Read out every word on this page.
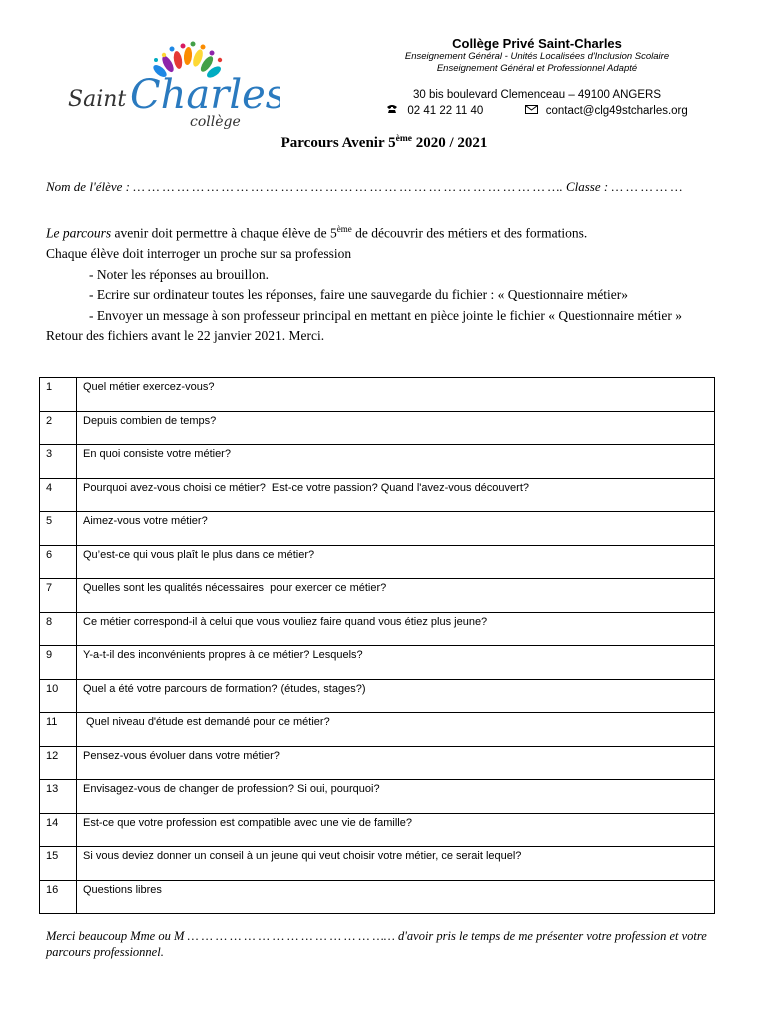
Saint Charles
collège
Collège Privé Saint-Charles
Enseignement Général - Unités Localisées d'Inclusion Scolaire
Enseignement Général et Professionnel Adapté
30 bis boulevard Clemenceau – 49100 ANGERS
02 41 22 11 40	contact@clg49stcharles.org
Parcours Avenir 5ème 2020 / 2021
Nom de l'élève : … … … … … … … … … … … … … … … … … … … … … … … … … … … … …. Classe : … … … … …

Le parcours avenir doit permettre à chaque élève de 5ème de découvrir des métiers et des formations.

Chaque élève doit interroger un proche sur sa profession

- Noter les réponses au brouillon.

- Ecrire sur ordinateur toutes les réponses, faire une sauvegarde du fichier : « Questionnaire métier»

- Envoyer un message à son professeur principal en mettant en pièce jointe le fichier « Questionnaire métier »

Retour des fichiers avant le 22 janvier 2021. Merci.

1	Quel métier exercez-vous?
2	Depuis combien de temps?
3	En quoi consiste votre métier?
4	Pourquoi avez-vous choisi ce métier?  Est-ce votre passion? Quand l'avez-vous découvert?
5	Aimez-vous votre métier?
6	Qu’est-ce qui vous plaît le plus dans ce métier?
7	Quelles sont les qualités nécessaires  pour exercer ce métier?
8	Ce métier correspond-il à celui que vous vouliez faire quand vous étiez plus jeune?
9	Y-a-t-il des inconvénients propres à ce métier? Lesquels?
10	Quel a été votre parcours de formation? (études, stages?)
11	Quel niveau d'étude est demandé pour ce métier?
12	Pensez-vous évoluer dans votre métier?
13	Envisagez-vous de changer de profession? Si oui, pourquoi?
14	Est-ce que votre profession est compatible avec une vie de famille?
15	Si vous deviez donner un conseil à un jeune qui veut choisir votre métier, ce serait lequel?
16	Questions libres
Merci beaucoup Mme ou M … … … … … … … … … … … … … …… d'avoir pris le temps de me présenter votre profession et votre parcours professionnel.
